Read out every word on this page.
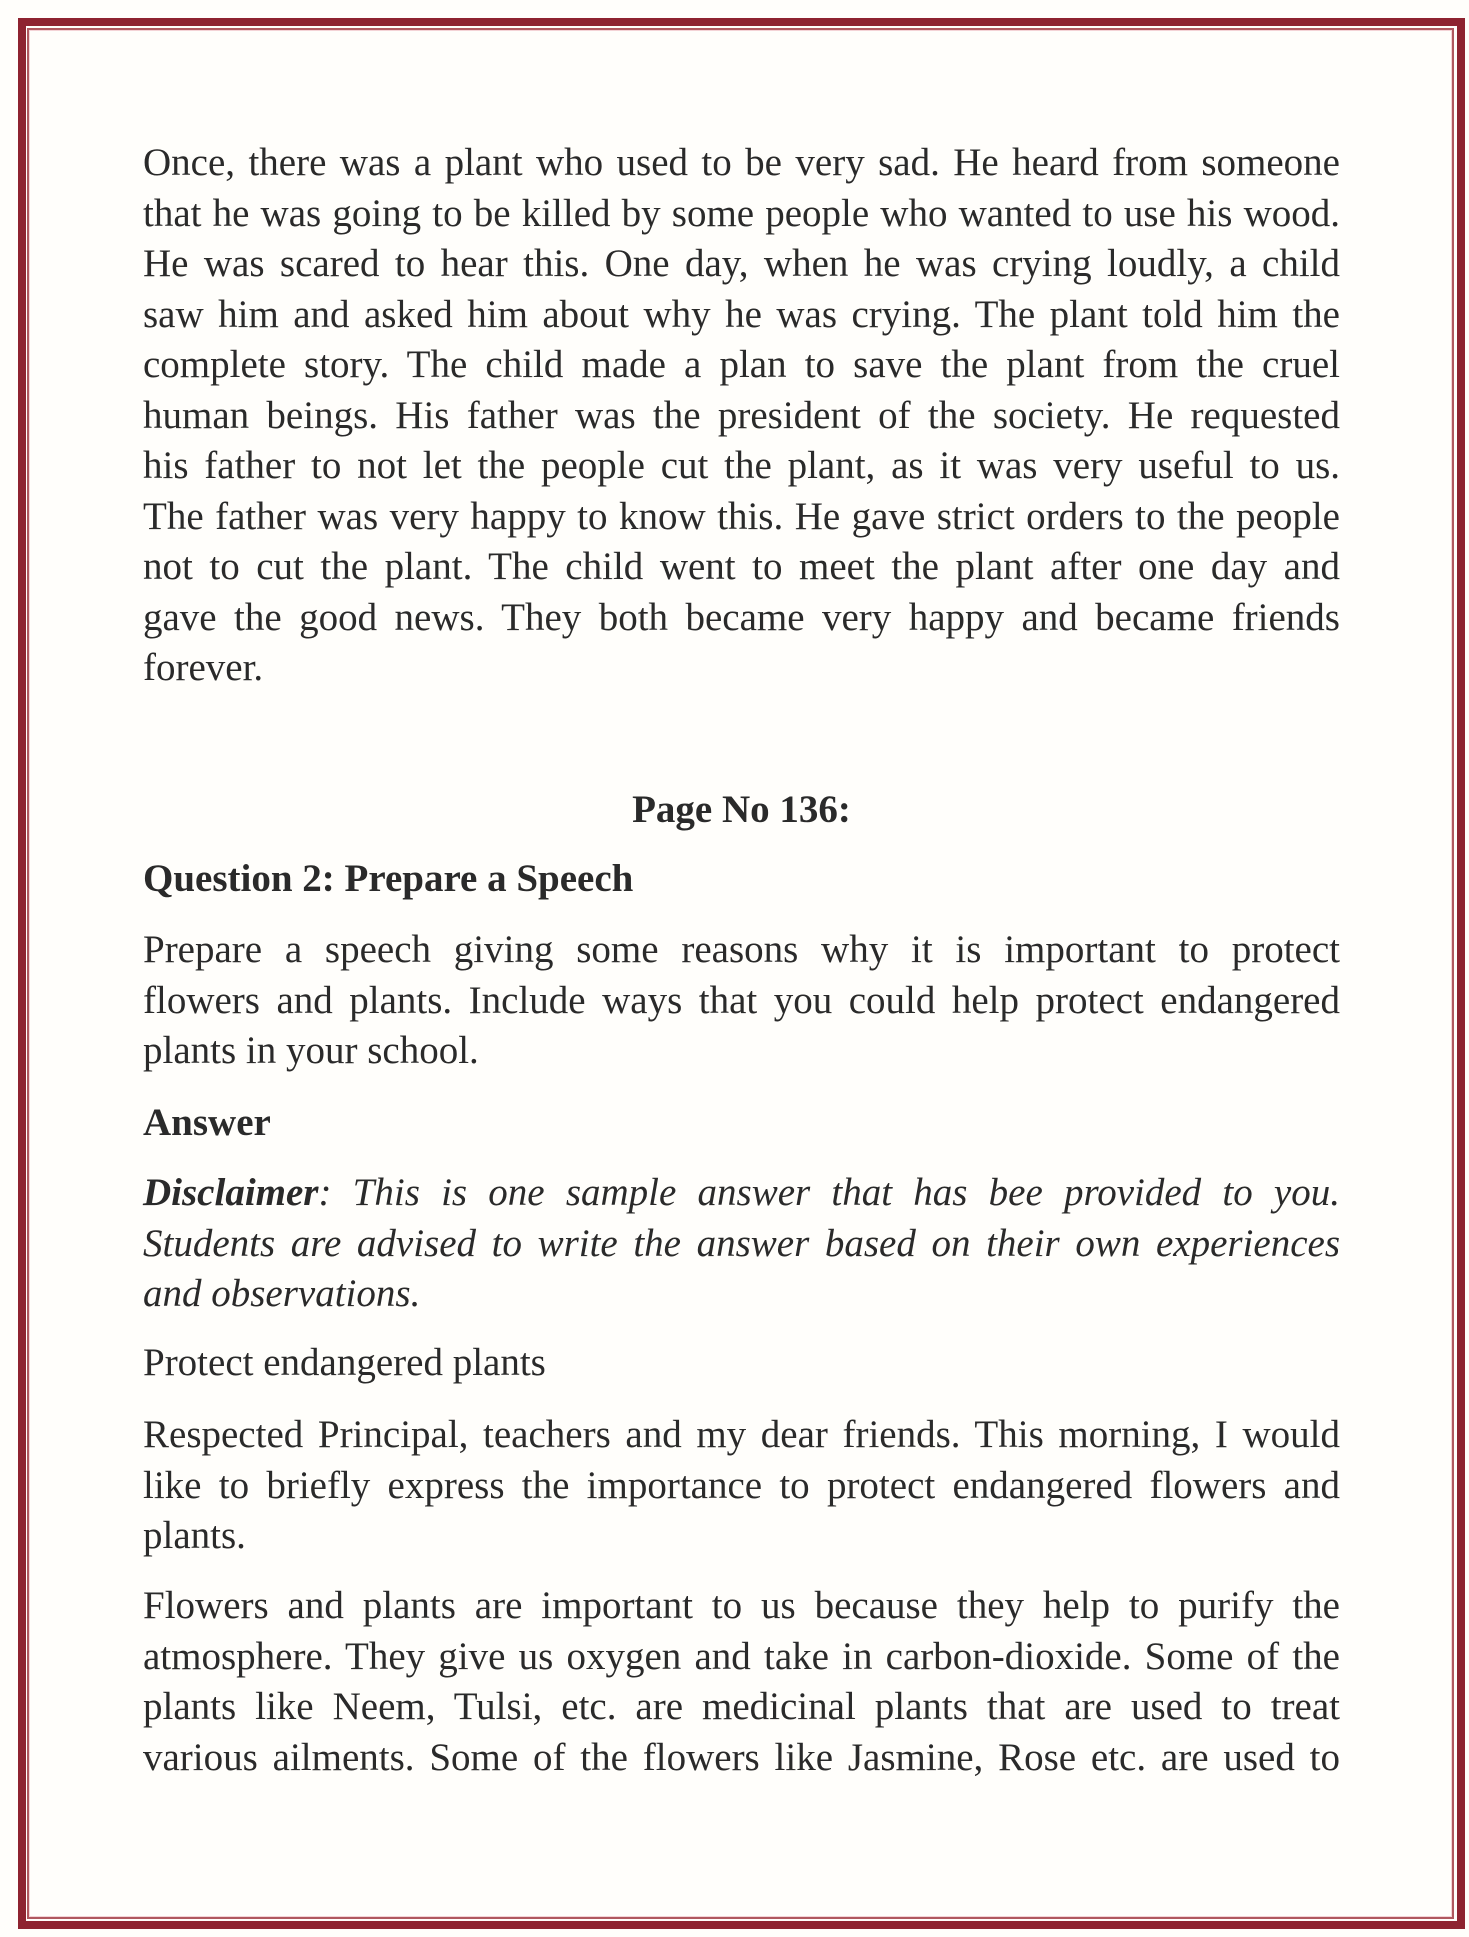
Once, there was a plant who used to be very sad. He heard from someone
that he was going to be killed by some people who wanted to use his wood.
He was scared to hear this. One day, when he was crying loudly, a child
saw him and asked him about why he was crying. The plant told him the
complete story. The child made a plan to save the plant from the cruel
human beings. His father was the president of the society. He requested
his father to not let the people cut the plant, as it was very useful to us.
The father was very happy to know this. He gave strict orders to the people
not to cut the plant. The child went to meet the plant after one day and
gave the good news. They both became very happy and became friends
forever.
Page No 136:
Question 2: Prepare a Speech
Prepare a speech giving some reasons why it is important to protect
flowers and plants. Include ways that you could help protect endangered
plants in your school.
Answer
Disclaimer: This is one sample answer that has bee provided to you.
Students are advised to write the answer based on their own experiences
and observations.
Protect endangered plants
Respected Principal, teachers and my dear friends. This morning, I would
like to briefly express the importance to protect endangered flowers and
plants.
Flowers and plants are important to us because they help to purify the
atmosphere. They give us oxygen and take in carbon-dioxide. Some of the
plants like Neem, Tulsi, etc. are medicinal plants that are used to treat
various ailments. Some of the flowers like Jasmine, Rose etc. are used to
